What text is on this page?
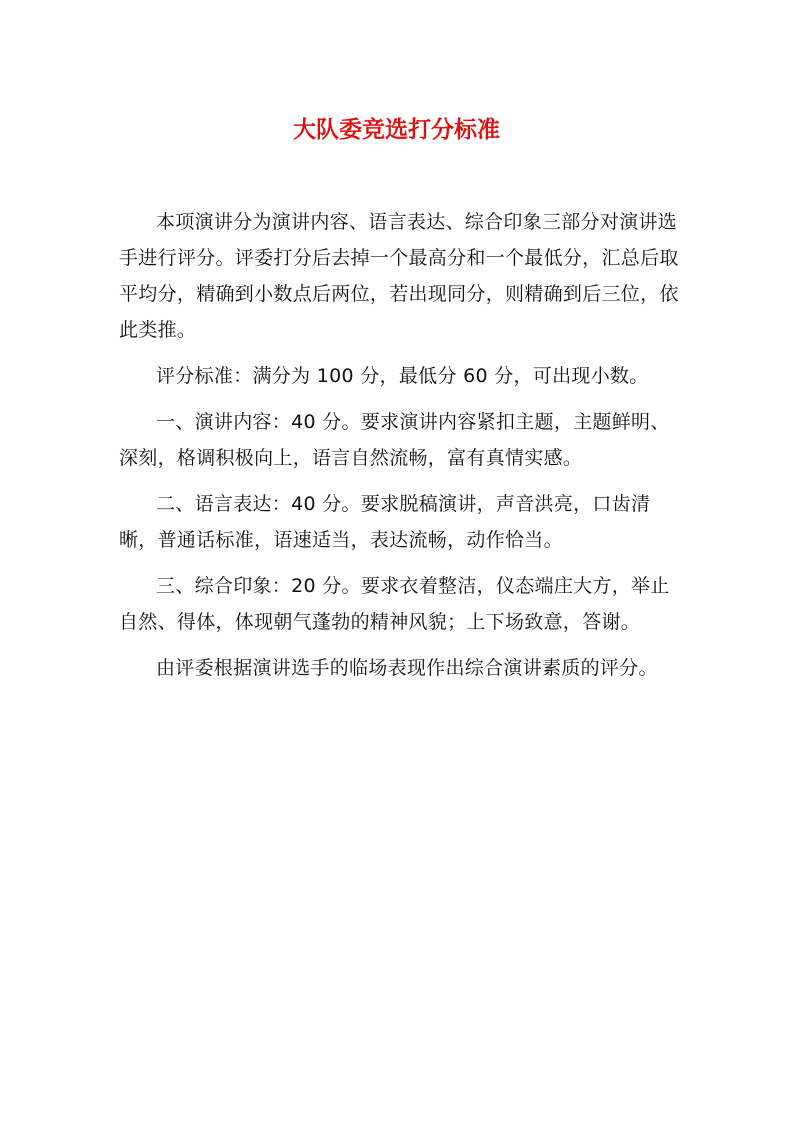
大队委竞选打分标准

本项演讲分为演讲内容、语言表达、综合印象三部分对演讲选手进行评分。评委打分后去掉一个最高分和一个最低分，汇总后取平均分，精确到小数点后两位，若出现同分，则精确到后三位，依此类推。

评分标准：满分为 100 分，最低分 60 分，可出现小数。

一、演讲内容：40 分。要求演讲内容紧扣主题，主题鲜明、深刻，格调积极向上，语言自然流畅，富有真情实感。

二、语言表达：40 分。要求脱稿演讲，声音洪亮，口齿清晰，普通话标准，语速适当，表达流畅，动作恰当。

三、综合印象：20 分。要求衣着整洁，仪态端庄大方，举止自然、得体，体现朝气蓬勃的精神风貌；上下场致意，答谢。

由评委根据演讲选手的临场表现作出综合演讲素质的评分。
